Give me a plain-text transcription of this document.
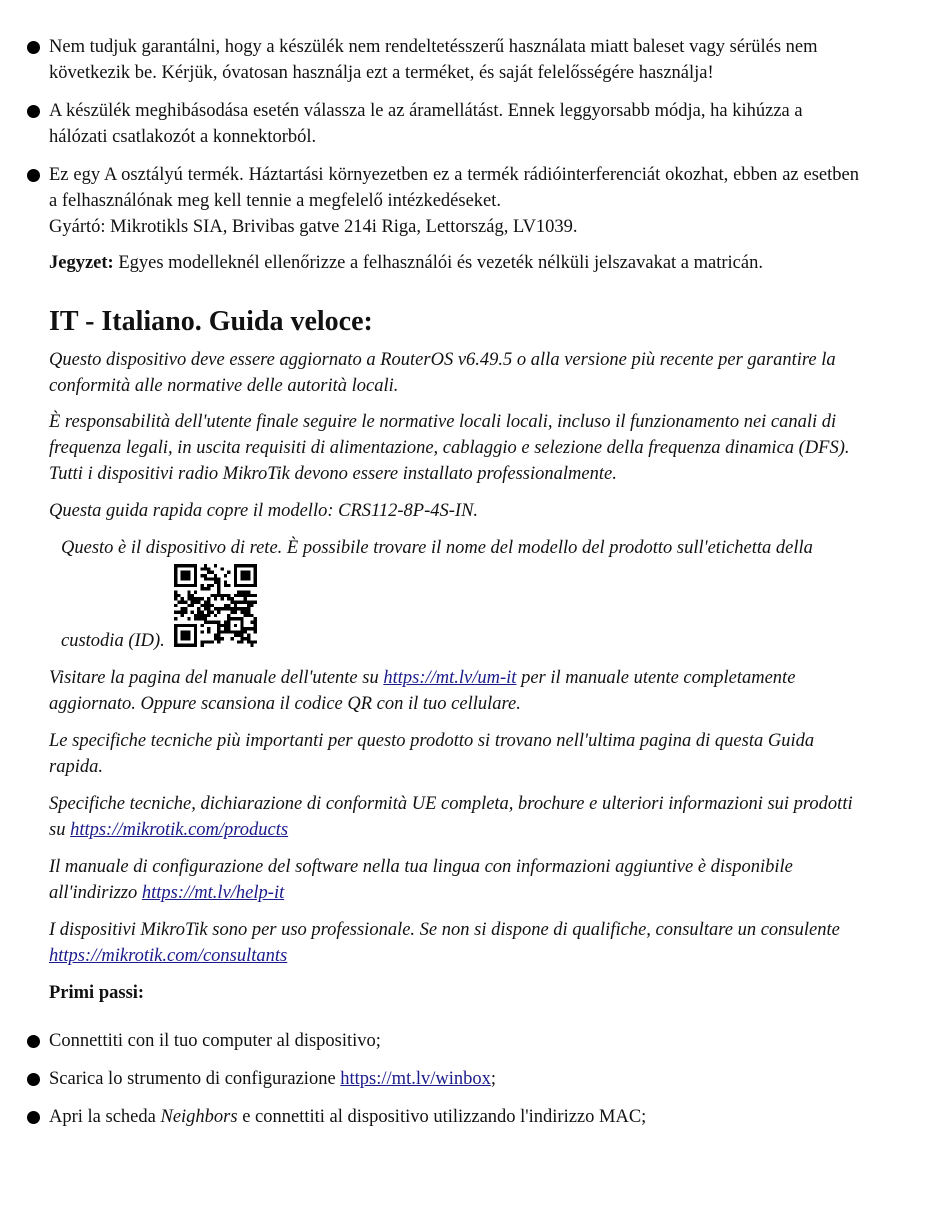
Nem tudjuk garantálni, hogy a készülék nem rendeltetésszerű használata miatt baleset vagy sérülés nem következik be. Kérjük, óvatosan használja ezt a terméket, és saját felelősségére használja!

A készülék meghibásodása esetén válassza le az áramellátást. Ennek leggyorsabb módja, ha kihúzza a hálózati csatlakozót a konnektorból.

Ez egy A osztályú termék. Háztartási környezetben ez a termék rádióinterferenciát okozhat, ebben az esetben a felhasználónak meg kell tennie a megfelelő intézkedéseket.

Gyártó: Mikrotikls SIA, Brivibas gatve 214i Riga, Lettország, LV1039.

Jegyzet: Egyes modelleknél ellenőrizze a felhasználói és vezeték nélküli jelszavakat a matricán.

IT - Italiano. Guida veloce:

Questo dispositivo deve essere aggiornato a RouterOS v6.49.5 o alla versione più recente per garantire la conformità alle normative delle autorità locali.

È responsabilità dell'utente finale seguire le normative locali locali, incluso il funzionamento nei canali di frequenza legali, in uscita requisiti di alimentazione, cablaggio e selezione della frequenza dinamica (DFS). Tutti i dispositivi radio MikroTik devono essere installato professionalmente.

Questa guida rapida copre il modello: CRS112-8P-4S-IN.

Questo è il dispositivo di rete. È possibile trovare il nome del modello del prodotto sull'etichetta della

custodia (ID).

Visitare la pagina del manuale dell'utente su https://mt.lv/um-it per il manuale utente completamente aggiornato. Oppure scansiona il codice QR con il tuo cellulare.

Le specifiche tecniche più importanti per questo prodotto si trovano nell'ultima pagina di questa Guida rapida.

Specifiche tecniche, dichiarazione di conformità UE completa, brochure e ulteriori informazioni sui prodotti su https://mikrotik.com/products

Il manuale di configurazione del software nella tua lingua con informazioni aggiuntive è disponibile all'indirizzo https://mt.lv/help-it

I dispositivi MikroTik sono per uso professionale. Se non si dispone di qualifiche, consultare un consulente https://mikrotik.com/consultants

Primi passi:

Connettiti con il tuo computer al dispositivo;

Scarica lo strumento di configurazione https://mt.lv/winbox;

Apri la scheda Neighbors e connettiti al dispositivo utilizzando l'indirizzo MAC;
